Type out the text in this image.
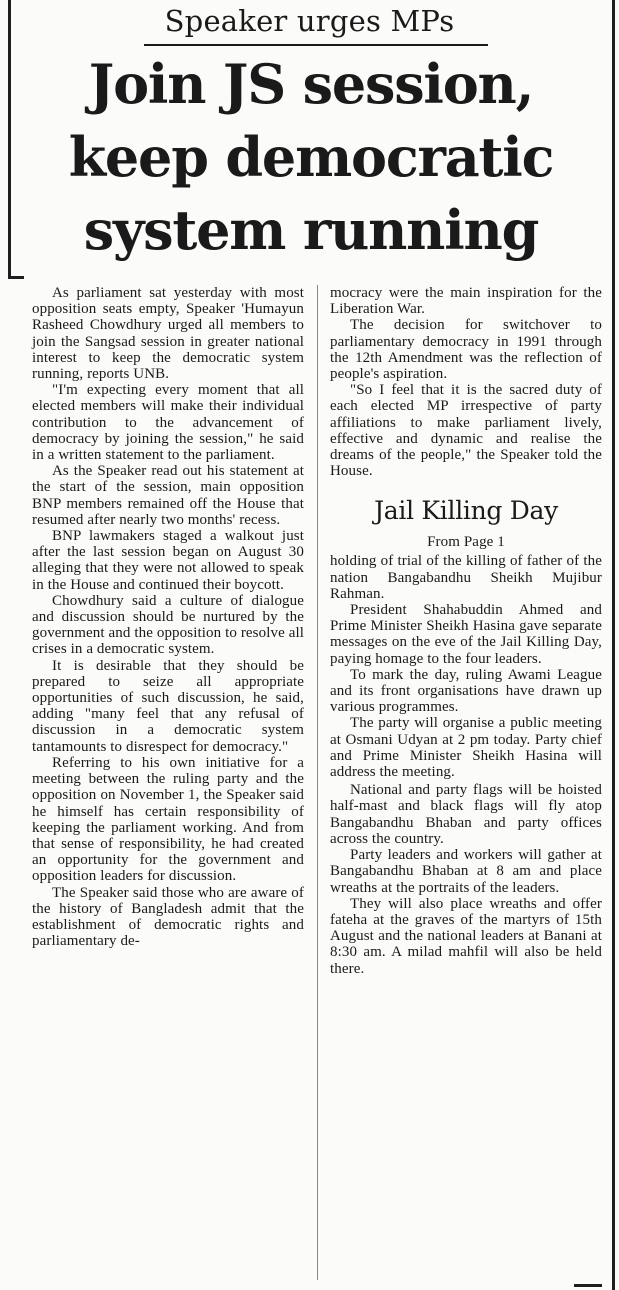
Speaker urges MPs
Join JS session,
keep democratic
system running

As parliament sat yesterday with most opposition seats empty, Speaker 'Humayun Rasheed Chowdhury urged all members to join the Sangsad session in greater national interest to keep the democratic system running, reports UNB.

"I'm expecting every moment that all elected members will make their individual contribution to the advancement of democracy by joining the session," he said in a written statement to the parliament.

As the Speaker read out his statement at the start of the session, main opposition BNP members remained off the House that resumed after nearly two months' recess.

BNP lawmakers staged a walkout just after the last session began on August 30 alleging that they were not allowed to speak in the House and continued their boycott.

Chowdhury said a culture of dialogue and discussion should be nurtured by the government and the opposition to resolve all crises in a democratic system.

It is desirable that they should be prepared to seize all appropriate opportunities of such discussion, he said, adding "many feel that any refusal of discussion in a democratic system tantamounts to disrespect for democracy."

Referring to his own initiative for a meeting between the ruling party and the opposition on November 1, the Speaker said he himself has certain responsibility of keeping the parliament working. And from that sense of responsibility, he had created an opportunity for the government and opposition leaders for discussion.

The Speaker said those who are aware of the history of Bangladesh admit that the establishment of democratic rights and parliamentary de-

mocracy were the main inspiration for the Liberation War.

The decision for switchover to parliamentary democracy in 1991 through the 12th Amendment was the reflection of people's aspiration.

"So I feel that it is the sacred duty of each elected MP irrespective of party affiliations to make parliament lively, effective and dynamic and realise the dreams of the people," the Speaker told the House.

Jail Killing Day
From Page 1

holding of trial of the killing of father of the nation Bangabandhu Sheikh Mujibur Rahman.

President Shahabuddin Ahmed and Prime Minister Sheikh Hasina gave separate messages on the eve of the Jail Killing Day, paying homage to the four leaders.

To mark the day, ruling Awami League and its front organisations have drawn up various programmes.

The party will organise a public meeting at Osmani Udyan at 2 pm today. Party chief and Prime Minister Sheikh Hasina will address the meeting.

National and party flags will be hoisted half-mast and black flags will fly atop Bangabandhu Bhaban and party offices across the country.

Party leaders and workers will gather at Bangabandhu Bhaban at 8 am and place wreaths at the portraits of the leaders.

They will also place wreaths and offer fateha at the graves of the martyrs of 15th August and the national leaders at Banani at 8:30 am. A milad mahfil will also be held there.
